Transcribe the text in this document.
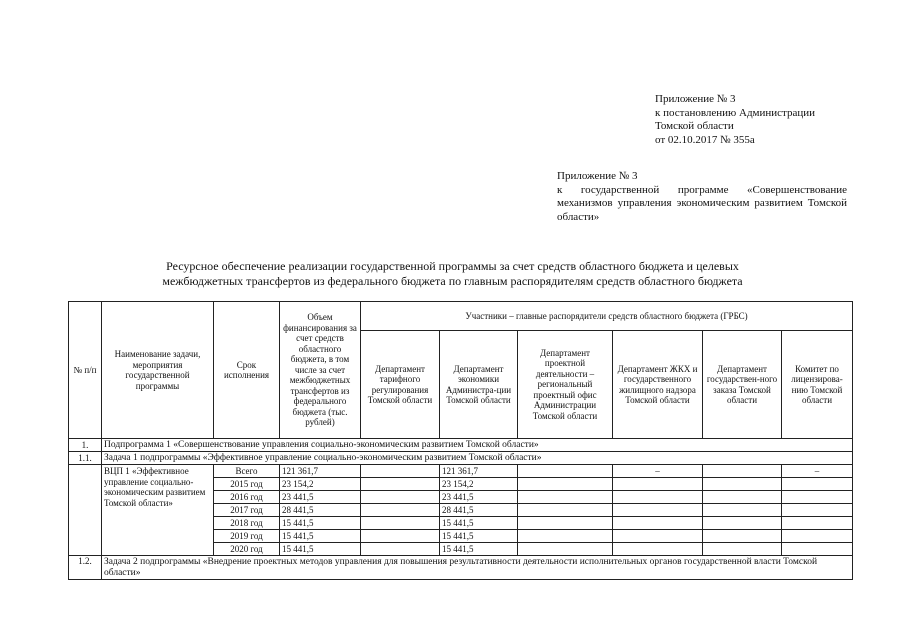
Приложение № 3
к постановлению Администрации
Томской области
от 02.10.2017 № 355а
Приложение № 3
к государственной программе «Совершенствование механизмов управления экономическим развитием Томской области»
Ресурсное обеспечение реализации государственной программы за счет средств областного бюджета и целевых
межбюджетных трансфертов из федерального бюджета по главным распорядителям средств областного бюджета
№ п/п	Наименование задачи, мероприятия государственной программы	Срок исполнения	Объем финансирования за счет средств областного бюджета, в том числе за счет межбюджетных трансфертов из федерального бюджета (тыс. рублей)	Участники – главные распорядители средств областного бюджета (ГРБС)					
				Департамент тарифного регулирования Томской области	Департамент экономики Администра-ции Томской области	Департамент проектной деятельности – региональный проектный офис Администрации Томской области	Департамент ЖКХ и государственного жилищного надзора Томской области	Департамент государствен-ного заказа Томской области	Комитет по лицензирова-нию Томской области
1.	Подпрограмма 1 «Совершенствование управления социально-экономическим развитием Томской области»								
1.1.	Задача 1 подпрограммы «Эффективное управление социально-экономическим развитием Томской области»								
	ВЦП 1 «Эффективное управление социально-экономическим развитием Томской области»	Всего	121 361,7		121 361,7		–		–
		2015 год	23 154,2		23 154,2				
		2016 год	23 441,5		23 441,5				
		2017 год	28 441,5		28 441,5				
		2018 год	15 441,5		15 441,5				
		2019 год	15 441,5		15 441,5				
		2020 год	15 441,5		15 441,5				
1.2.	Задача 2 подпрограммы «Внедрение проектных методов управления для повышения результативности деятельности исполнительных органов государственной власти Томской области»								
